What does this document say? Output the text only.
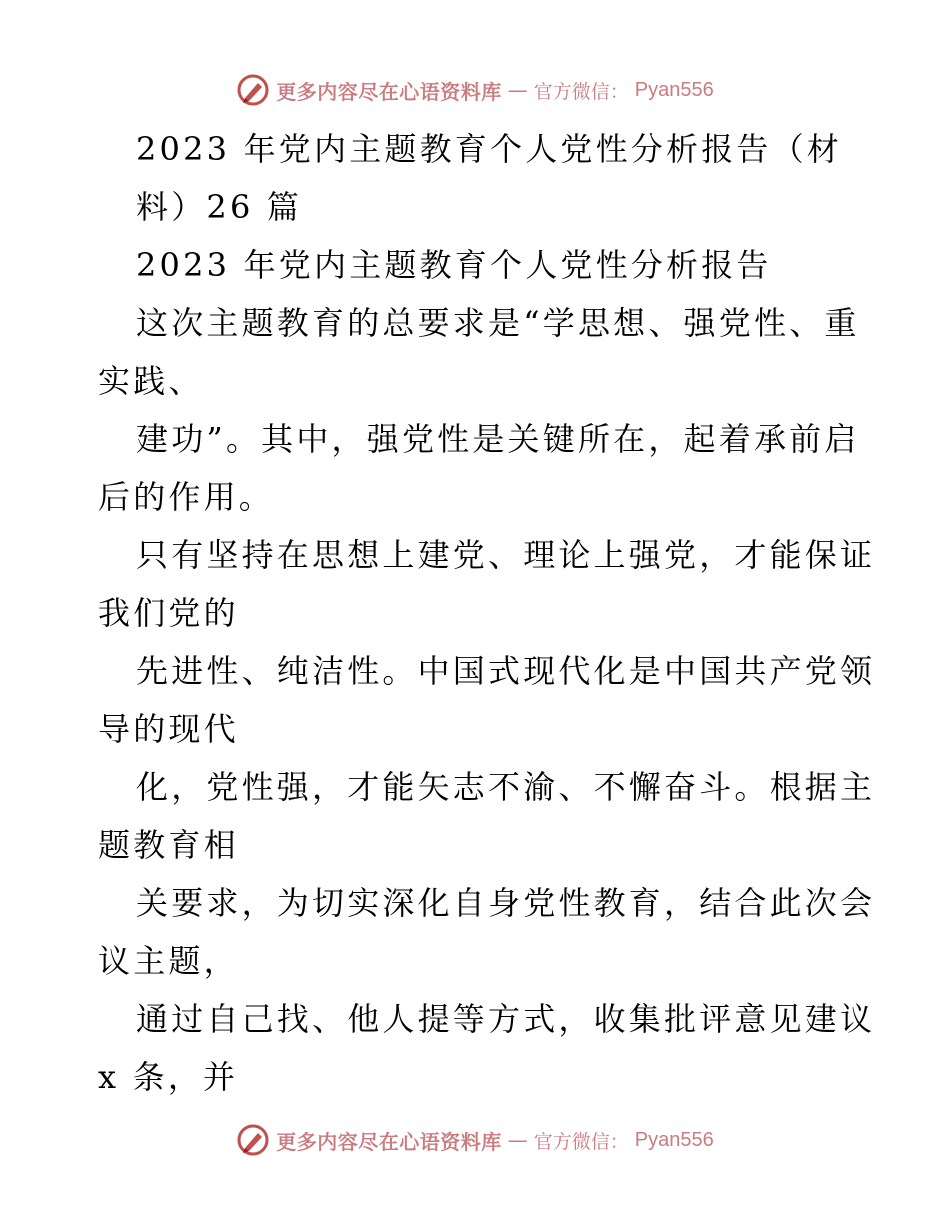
更多内容尽在心语资料库 — 官方微信： Pyan556
2023 年党内主题教育个人党性分析报告（材
料）26 篇
2023 年党内主题教育个人党性分析报告
这次主题教育的总要求是“学思想、强党性、重
实践、
建功”。其中，强党性是关键所在，起着承前启
后的作用。
只有坚持在思想上建党、理论上强党，才能保证
我们党的
先进性、纯洁性。中国式现代化是中国共产党领
导的现代
化，党性强，才能矢志不渝、不懈奋斗。根据主
题教育相
关要求，为切实深化自身党性教育，结合此次会
议主题，
通过自己找、他人提等方式，收集批评意见建议
x 条，并
更多内容尽在心语资料库 — 官方微信： Pyan556
